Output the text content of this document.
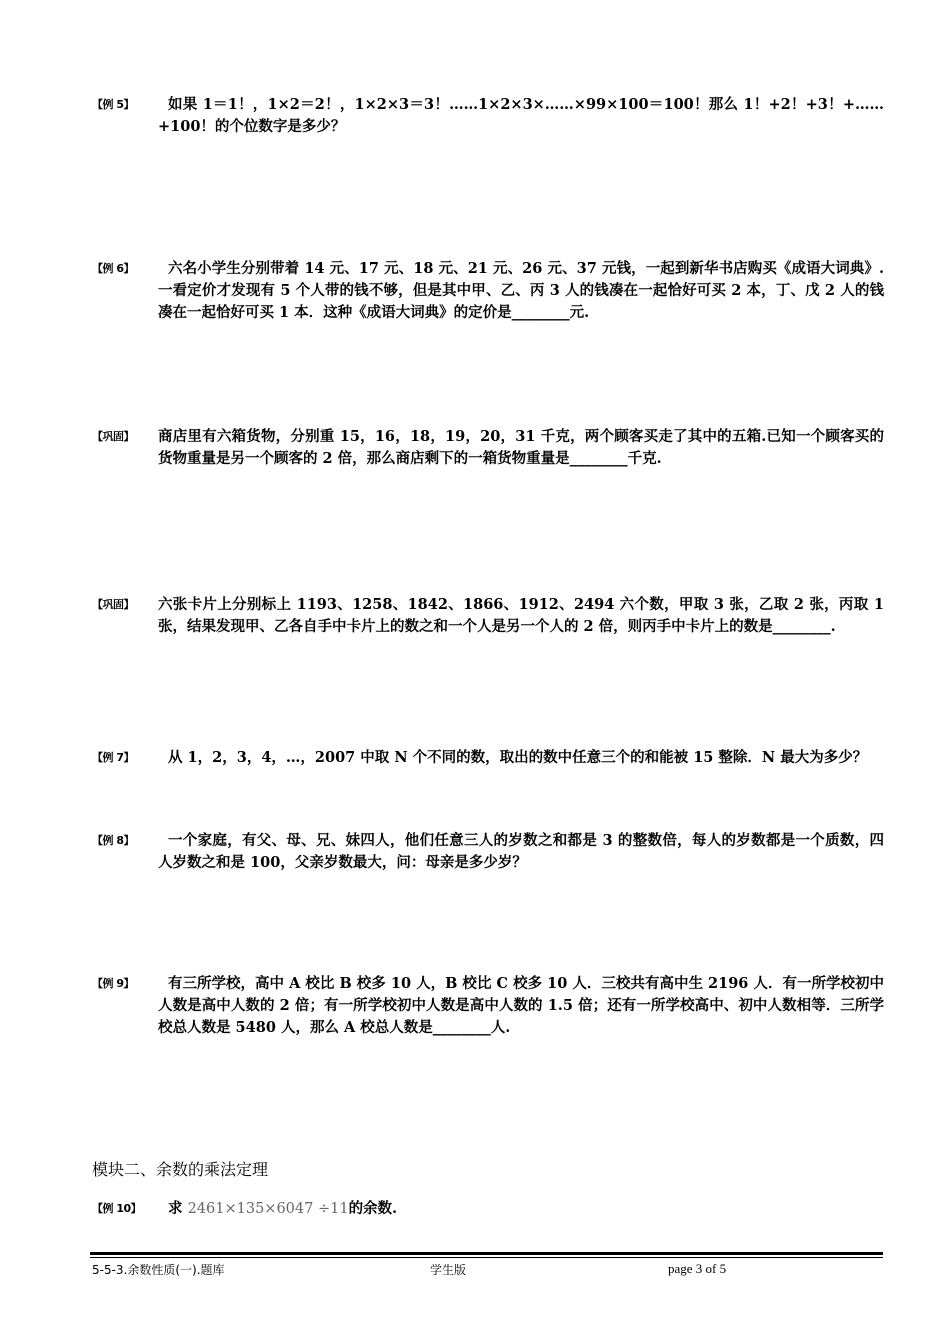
【例 5】	如果 1＝1！，1×2＝2！，1×2×3＝3！……1×2×3×……×99×100＝100！那么 1！+2！+3！+……+100！的个位数字是多少？
【例 6】	六名小学生分别带着 14 元、17 元、18 元、21 元、26 元、37 元钱，一起到新华书店购买《成语大词典》.一看定价才发现有 5 个人带的钱不够，但是其中甲、乙、丙 3 人的钱凑在一起恰好可买 2 本，丁、戊 2 人的钱凑在一起恰好可买 1 本．这种《成语大词典》的定价是________元.
【巩固】 商店里有六箱货物，分别重 15，16，18，19，20，31 千克，两个顾客买走了其中的五箱.已知一个顾客买的货物重量是另一个顾客的 2 倍，那么商店剩下的一箱货物重量是________千克.
【巩固】 六张卡片上分别标上 1193、1258、1842、1866、1912、2494 六个数，甲取 3 张，乙取 2 张，丙取 1 张，结果发现甲、乙各自手中卡片上的数之和一个人是另一个人的 2 倍，则丙手中卡片上的数是________.
【例 7】	从 1，2，3，4，…，2007 中取 N 个不同的数，取出的数中任意三个的和能被 15 整除．N 最大为多少？
【例 8】	一个家庭，有父、母、兄、妹四人，他们任意三人的岁数之和都是 3 的整数倍，每人的岁数都是一个质数，四人岁数之和是 100，父亲岁数最大，问：母亲是多少岁？
【例 9】	有三所学校，高中 A 校比 B 校多 10 人，B 校比 C 校多 10 人．三校共有高中生 2196 人．有一所学校初中人数是高中人数的 2 倍；有一所学校初中人数是高中人数的 1.5 倍；还有一所学校高中、初中人数相等．三所学校总人数是 5480 人，那么 A 校总人数是________人.
模块二、余数的乘法定理
【例 10】	求 2461×135×6047 ÷11的余数.
5-5-3.余数性质(一).题库	学生版	page 3 of 5
